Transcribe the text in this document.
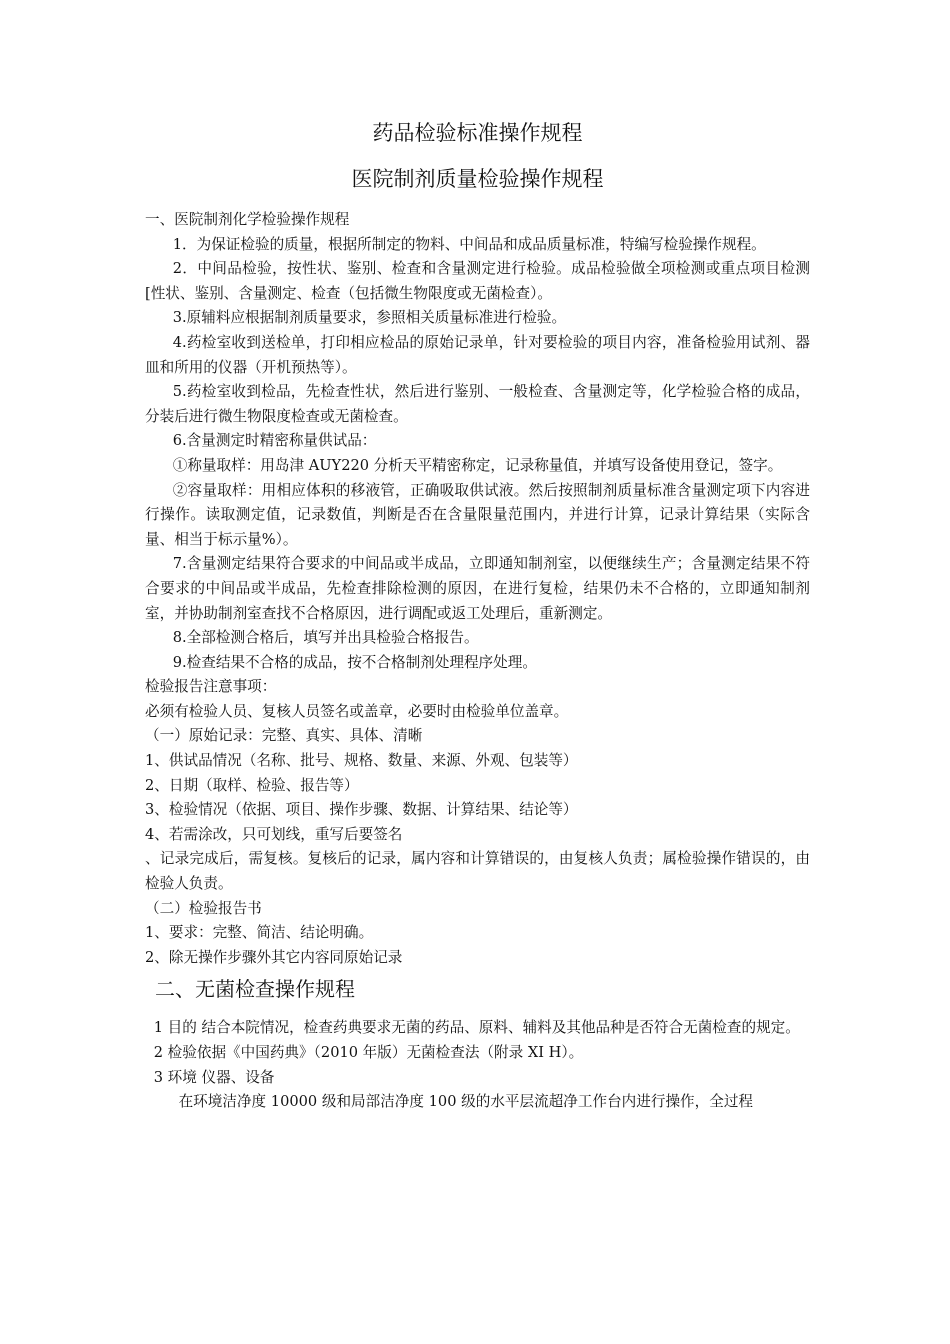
药品检验标准操作规程
医院制剂质量检验操作规程

一、医院制剂化学检验操作规程

1．为保证检验的质量，根据所制定的物料、中间品和成品质量标准，特编写检验操作规程。

2．中间品检验，按性状、鉴别、检查和含量测定进行检验。成品检验做全项检测或重点项目检测[性状、鉴别、含量测定、检查（包括微生物限度或无菌检查）。

3.原辅料应根据制剂质量要求，参照相关质量标准进行检验。

4.药检室收到送检单，打印相应检品的原始记录单，针对要检验的项目内容，准备检验用试剂、器皿和所用的仪器（开机预热等）。

5.药检室收到检品，先检查性状，然后进行鉴别、一般检查、含量测定等，化学检验合格的成品，分装后进行微生物限度检查或无菌检查。

6.含量测定时精密称量供试品：

①称量取样：用岛津 AUY220 分析天平精密称定，记录称量值，并填写设备使用登记，签字。

②容量取样：用相应体积的移液管，正确吸取供试液。然后按照制剂质量标准含量测定项下内容进行操作。读取测定值，记录数值，判断是否在含量限量范围内，并进行计算，记录计算结果（实际含量、相当于标示量%）。

7.含量测定结果符合要求的中间品或半成品，立即通知制剂室，以便继续生产；含量测定结果不符合要求的中间品或半成品，先检查排除检测的原因，在进行复检，结果仍未不合格的，立即通知制剂室，并协助制剂室查找不合格原因，进行调配或返工处理后，重新测定。

8.全部检测合格后，填写并出具检验合格报告。

9.检查结果不合格的成品，按不合格制剂处理程序处理。

检验报告注意事项：

必须有检验人员、复核人员签名或盖章，必要时由检验单位盖章。

（一）原始记录：完整、真实、具体、清晰

1、供试品情况（名称、批号、规格、数量、来源、外观、包装等）

2、日期（取样、检验、报告等）

3、检验情况（依据、项目、操作步骤、数据、计算结果、结论等）

4、若需涂改，只可划线，重写后要签名

、记录完成后，需复核。复核后的记录，属内容和计算错误的，由复核人负责；属检验操作错误的，由检验人负责。

（二）检验报告书

1、要求：完整、简洁、结论明确。

2、除无操作步骤外其它内容同原始记录

二、无菌检查操作规程

1 目的 结合本院情况，检查药典要求无菌的药品、原料、辅料及其他品种是否符合无菌检查的规定。

2 检验依据《中国药典》（2010 年版）无菌检查法（附录 XI H）。

3 环境 仪器、设备

在环境洁净度 10000 级和局部洁净度 100 级的水平层流超净工作台内进行操作，全过程
